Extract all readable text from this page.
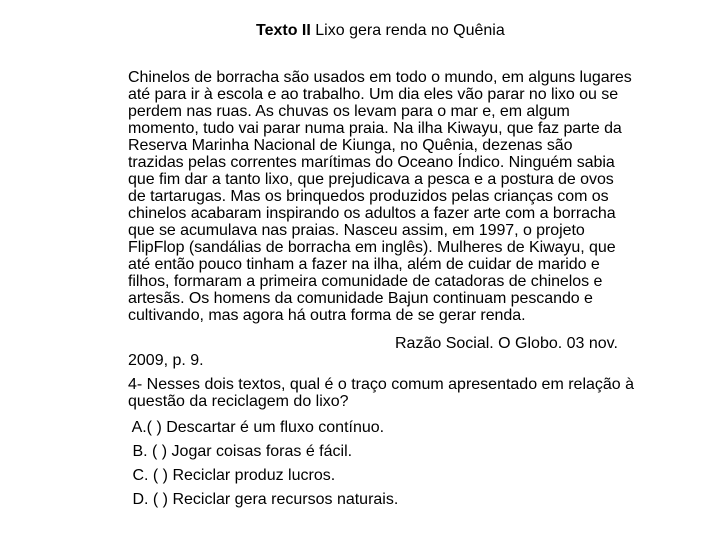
Texto II Lixo gera renda no Quênia
Chinelos de borracha são usados em todo o mundo, em alguns lugares
até para ir à escola e ao trabalho. Um dia eles vão parar no lixo ou se
perdem nas ruas. As chuvas os levam para o mar e, em algum
momento, tudo vai parar numa praia. Na ilha Kiwayu, que faz parte da
Reserva Marinha Nacional de Kiunga, no Quênia, dezenas são
trazidas pelas correntes marítimas do Oceano Índico. Ninguém sabia
que fim dar a tanto lixo, que prejudicava a pesca e a postura de ovos
de tartarugas. Mas os brinquedos produzidos pelas crianças com os
chinelos acabaram inspirando os adultos a fazer arte com a borracha
que se acumulava nas praias. Nasceu assim, em 1997, o projeto
FlipFlop (sandálias de borracha em inglês). Mulheres de Kiwayu, que
até então pouco tinham a fazer na ilha, além de cuidar de marido e
filhos, formaram a primeira comunidade de catadoras de chinelos e
artesãs. Os homens da comunidade Bajun continuam pescando e
cultivando, mas agora há outra forma de se gerar renda.
Razão Social. O Globo. 03 nov.
2009, p. 9.
4- Nesses dois textos, qual é o traço comum apresentado em relação à
questão da reciclagem do lixo?
A.( ) Descartar é um fluxo contínuo.
B. ( ) Jogar coisas foras é fácil.
C. ( ) Reciclar produz lucros.
D. ( ) Reciclar gera recursos naturais.
